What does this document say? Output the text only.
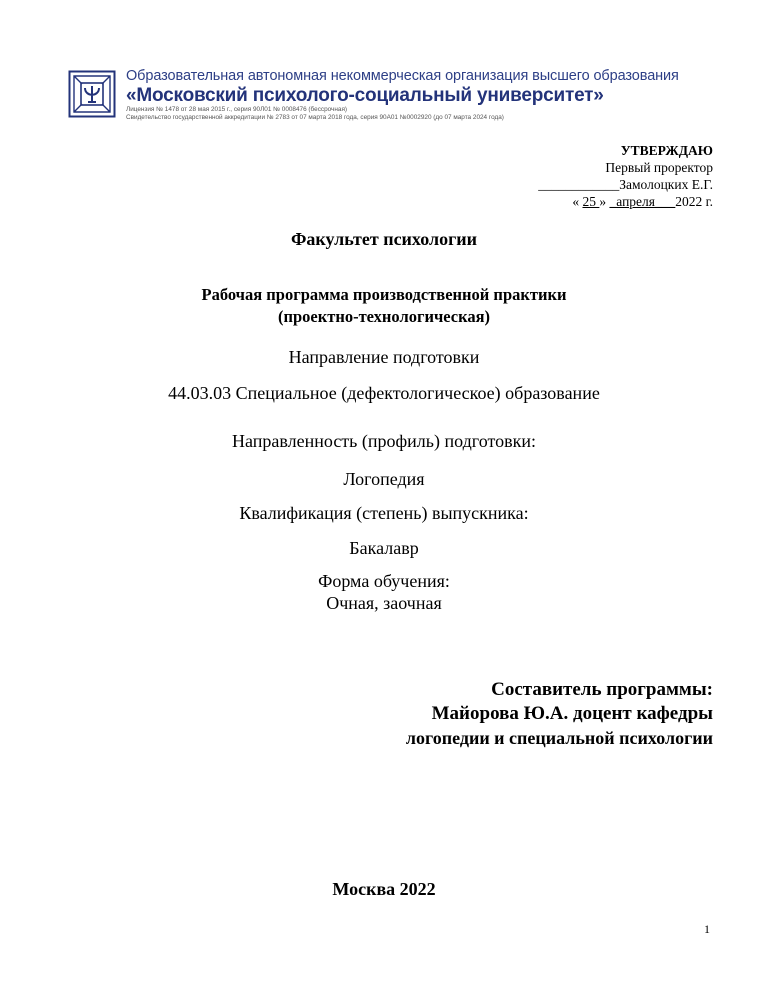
Образовательная автономная некоммерческая организация высшего образования
«Московский психолого-социальный университет»
Лицензия № 1478 от 28 мая 2015 г., серия 90Л01 № 0008476 (бессрочная)
Свидетельство государственной аккредитации № 2783 от 07 марта 2018 года, серия 90А01 №0002920 (до 07 марта 2024 года)
УТВЕРЖДАЮ
Первый проректор
____________Замолоцких Е.Г.
« 25 » _апреля___2022 г.
Факультет психологии
Рабочая программа производственной практики
(проектно-технологическая)
Направление подготовки
44.03.03 Специальное (дефектологическое) образование
Направленность (профиль) подготовки:
Логопедия
Квалификация (степень) выпускника:
Бакалавр
Форма обучения:
Очная, заочная
Составитель программы:
Майорова Ю.А. доцент кафедры
логопедии и специальной психологии
Москва 2022
1
